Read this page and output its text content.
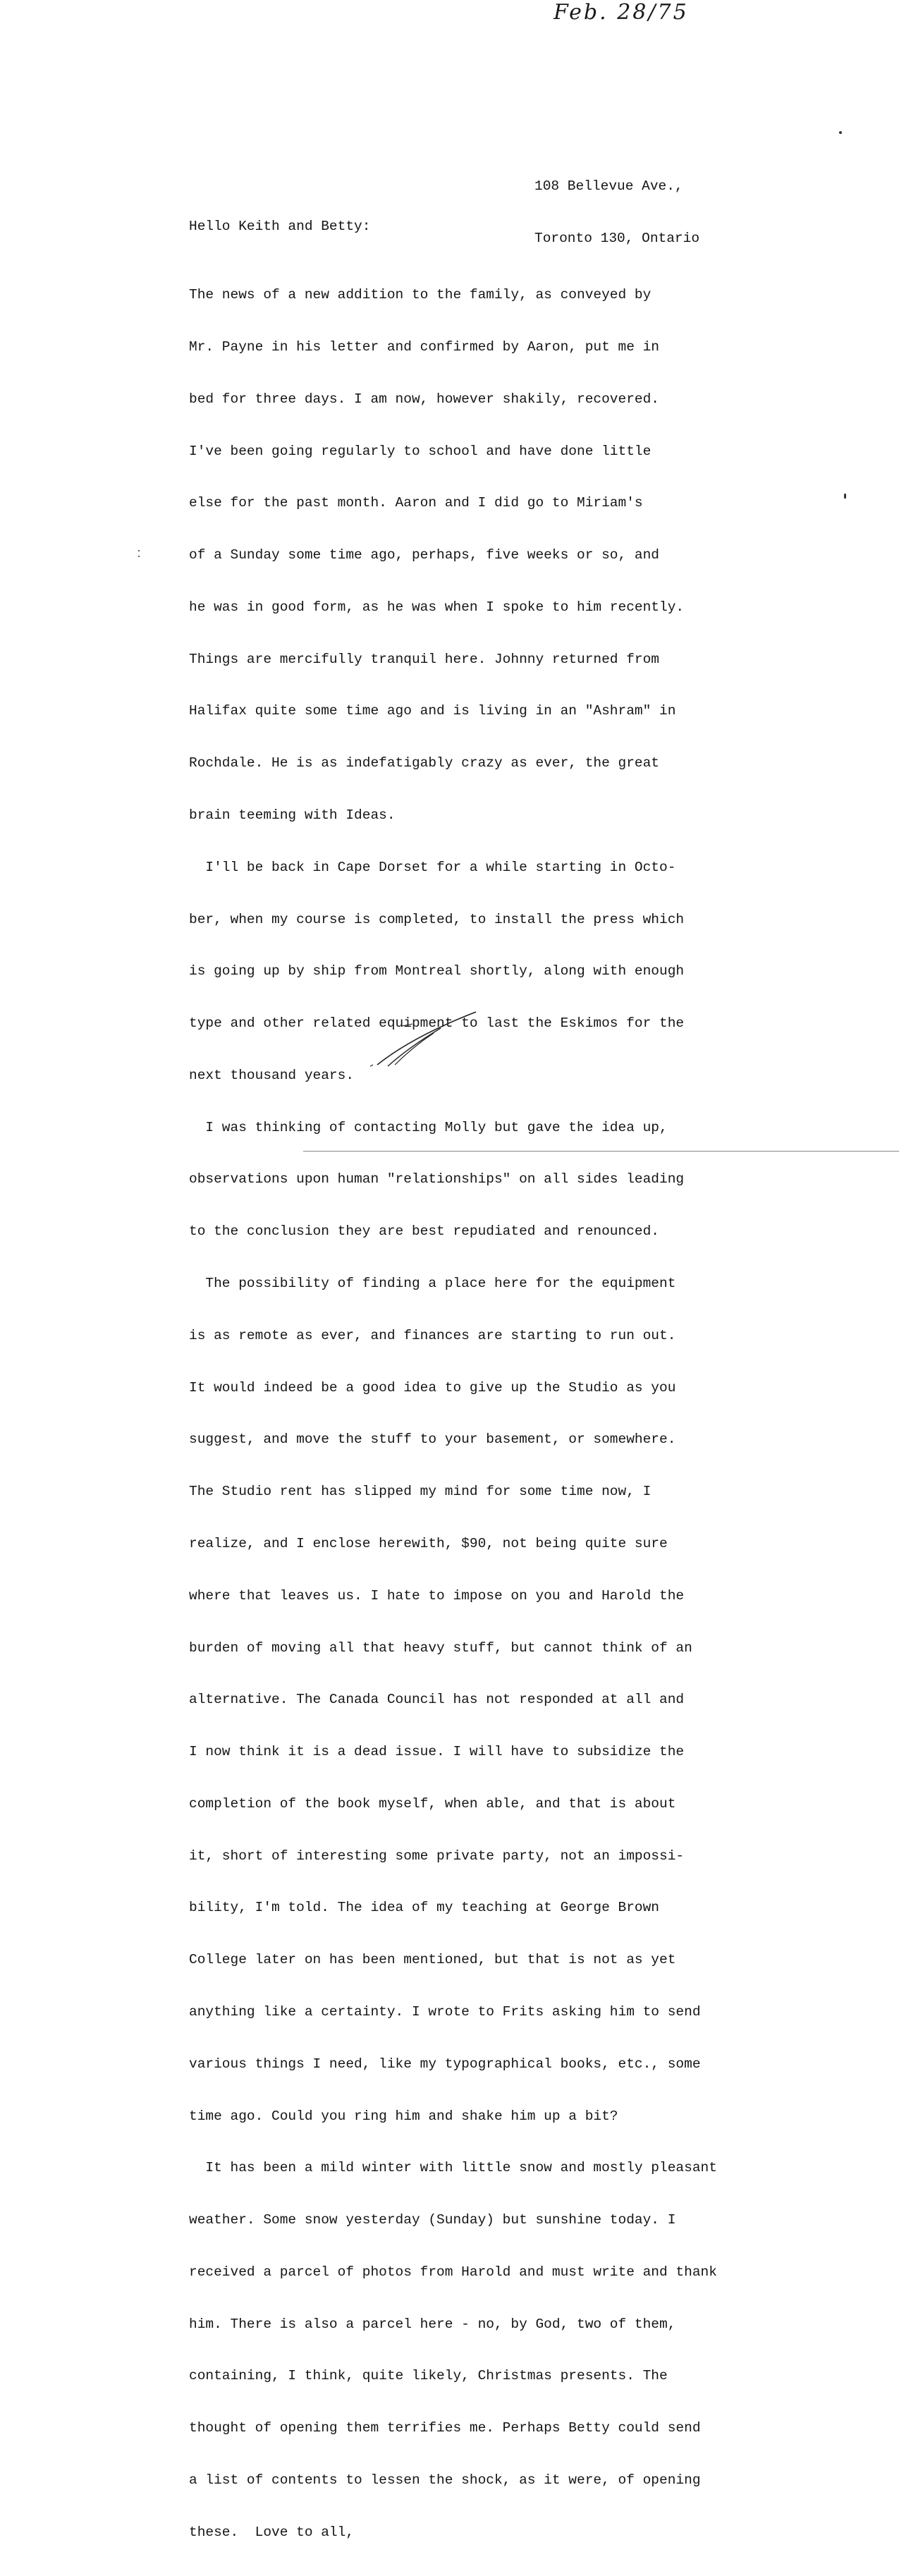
Feb. 28/75

108 Bellevue Ave.,

Toronto 130, Ontario

Hello Keith and Betty:

The news of a new addition to the family, as conveyed by

Mr. Payne in his letter and confirmed by Aaron, put me in

bed for three days. I am now, however shakily, recovered.

I've been going regularly to school and have done little

else for the past month. Aaron and I did go to Miriam's

of a Sunday some time ago, perhaps, five weeks or so, and

he was in good form, as he was when I spoke to him recently.

Things are mercifully tranquil here. Johnny returned from

Halifax quite some time ago and is living in an "Ashram" in

Rochdale. He is as indefatigably crazy as ever, the great

brain teeming with Ideas.

I'll be back in Cape Dorset for a while starting in Octo-

ber, when my course is completed, to install the press which

is going up by ship from Montreal shortly, along with enough

type and other related equipment to last the Eskimos for the

next thousand years.

I was thinking of contacting Molly but gave the idea up,

observations upon human "relationships" on all sides leading

to the conclusion they are best repudiated and renounced.

The possibility of finding a place here for the equipment

is as remote as ever, and finances are starting to run out.

It would indeed be a good idea to give up the Studio as you

suggest, and move the stuff to your basement, or somewhere.

The Studio rent has slipped my mind for some time now, I

realize, and I enclose herewith, $90, not being quite sure

where that leaves us. I hate to impose on you and Harold the

burden of moving all that heavy stuff, but cannot think of an

alternative. The Canada Council has not responded at all and

I now think it is a dead issue. I will have to subsidize the

completion of the book myself, when able, and that is about

it, short of interesting some private party, not an impossi-

bility, I'm told. The idea of my teaching at George Brown

College later on has been mentioned, but that is not as yet

anything like a certainty. I wrote to Frits asking him to send

various things I need, like my typographical books, etc., some

time ago. Could you ring him and shake him up a bit?

It has been a mild winter with little snow and mostly pleasant

weather. Some snow yesterday (Sunday) but sunshine today. I

received a parcel of photos from Harold and must write and thank

him. There is also a parcel here - no, by God, two of them,

containing, I think, quite likely, Christmas presents. The

thought of opening them terrifies me. Perhaps Betty could send

a list of contents to lessen the shock, as it were, of opening

these.  Love to all,
